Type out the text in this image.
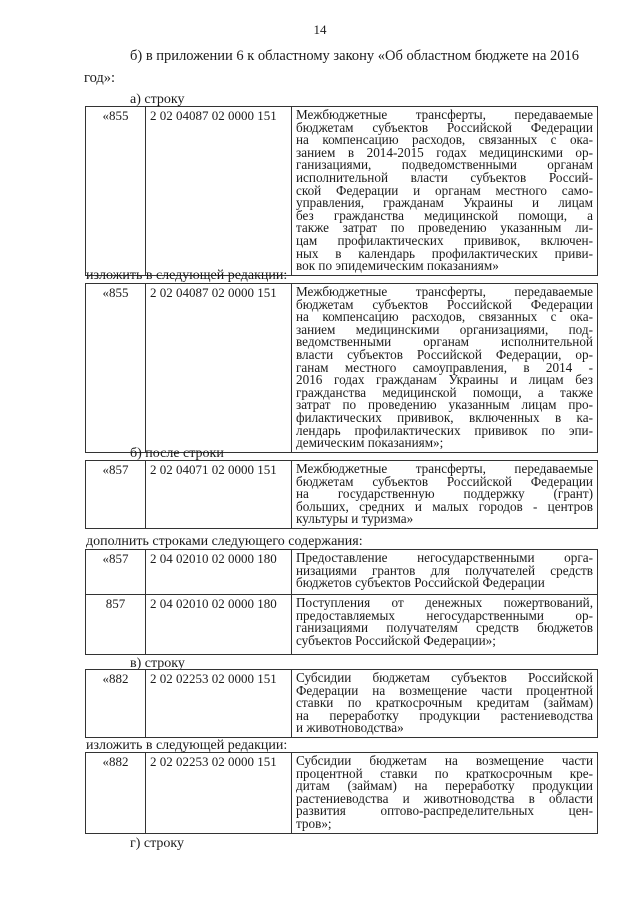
14
б) в приложении 6 к областному закону «Об областном бюджете на 2016
год»:
а) строку
«855	2 02 04087 02 0000 151	Межбюджетные трансферты, передаваемые
бюджетам субъектов Российской Федерации
на компенсацию расходов, связанных с ока-
занием в 2014-2015 годах медицинскими ор-
ганизациями, подведомственными органам
исполнительной власти субъектов Россий-
ской Федерации и органам местного само-
управления, гражданам Украины и лицам
без гражданства медицинской помощи, а
также затрат по проведению указанным ли-
цам профилактических прививок, включен-
ных в календарь профилактических приви-
вок по эпидемическим показаниям»
изложить в следующей редакции:
«855	2 02 04087 02 0000 151	Межбюджетные трансферты, передаваемые
бюджетам субъектов Российской Федерации
на компенсацию расходов, связанных с ока-
занием медицинскими организациями, под-
ведомственными органам исполнительной
власти субъектов Российской Федерации, ор-
ганам местного самоуправления, в 2014 -
2016 годах гражданам Украины и лицам без
гражданства медицинской помощи, а также
затрат по проведению указанным лицам про-
филактических прививок, включенных в ка-
лендарь профилактических прививок по эпи-
демическим показаниям»;
б) после строки
«857	2 02 04071 02 0000 151	Межбюджетные трансферты, передаваемые
бюджетам субъектов Российской Федерации
на государственную поддержку (грант)
больших, средних и малых городов - центров
культуры и туризма»
дополнить строками следующего содержания:
«857	2 04 02010 02 0000 180	Предоставление негосударственными орга-
низациями грантов для получателей средств
бюджетов субъектов Российской Федерации

857	2 04 02010 02 0000 180	Поступления от денежных пожертвований,
предоставляемых негосударственными ор-
ганизациями получателям средств бюджетов
субъектов Российской Федерации»;
в) строку
«882	2 02 02253 02 0000 151	Субсидии бюджетам субъектов Российской
Федерации на возмещение части процентной
ставки по краткосрочным кредитам (займам)
на переработку продукции растениеводства
и животноводства»
изложить в следующей редакции:
«882	2 02 02253 02 0000 151	Субсидии бюджетам на возмещение части
процентной ставки по краткосрочным кре-
дитам (займам) на переработку продукции
растениеводства и животноводства в области
развития оптово-распределительных цен-
тров»;
г) строку
